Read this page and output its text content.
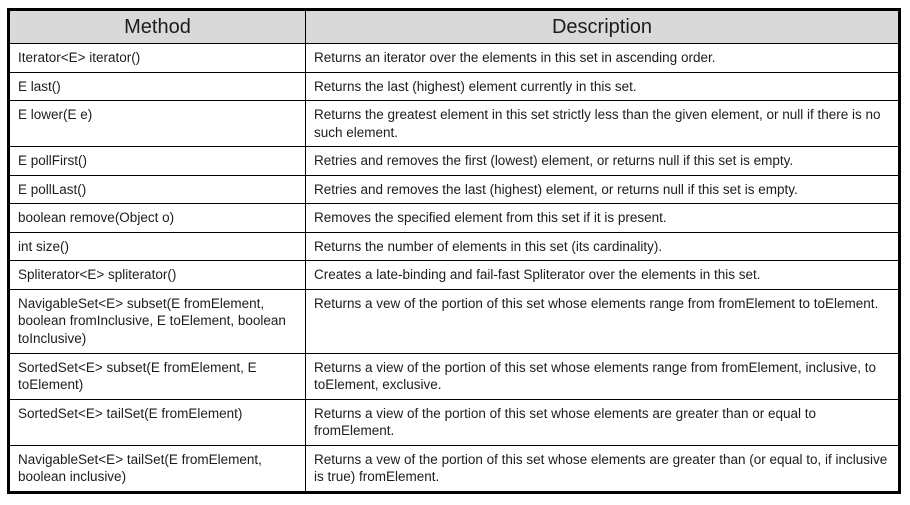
Method	Description
Iterator<E> iterator()	Returns an iterator over the elements in this set in ascending order.
E last()	Returns the last (highest) element currently in this set.
E lower(E e)	Returns the greatest element in this set strictly less than the given element, or null if there is no such element.
E pollFirst()	Retries and removes the first (lowest) element, or returns null if this set is empty.
E pollLast()	Retries and removes the last (highest) element, or returns null if this set is empty.
boolean remove(Object o)	Removes the specified element from this set if it is present.
int size()	Returns the number of elements in this set (its cardinality).
Spliterator<E> spliterator()	Creates a late-binding and fail-fast Spliterator over the elements in this set.
NavigableSet<E> subset(E fromElement, boolean fromInclusive, E toElement, boolean toInclusive)	Returns a vew of the portion of this set whose elements range from fromElement to toElement.
SortedSet<E> subset(E fromElement, E toElement)	Returns a view of the portion of this set whose elements range from fromElement, inclusive, to toElement, exclusive.
SortedSet<E> tailSet(E fromElement)	Returns a view of the portion of this set whose elements are greater than or equal to fromElement.
NavigableSet<E> tailSet(E fromElement, boolean inclusive)	Returns a vew of the portion of this set whose elements are greater than (or equal to, if inclusive is true) fromElement.
